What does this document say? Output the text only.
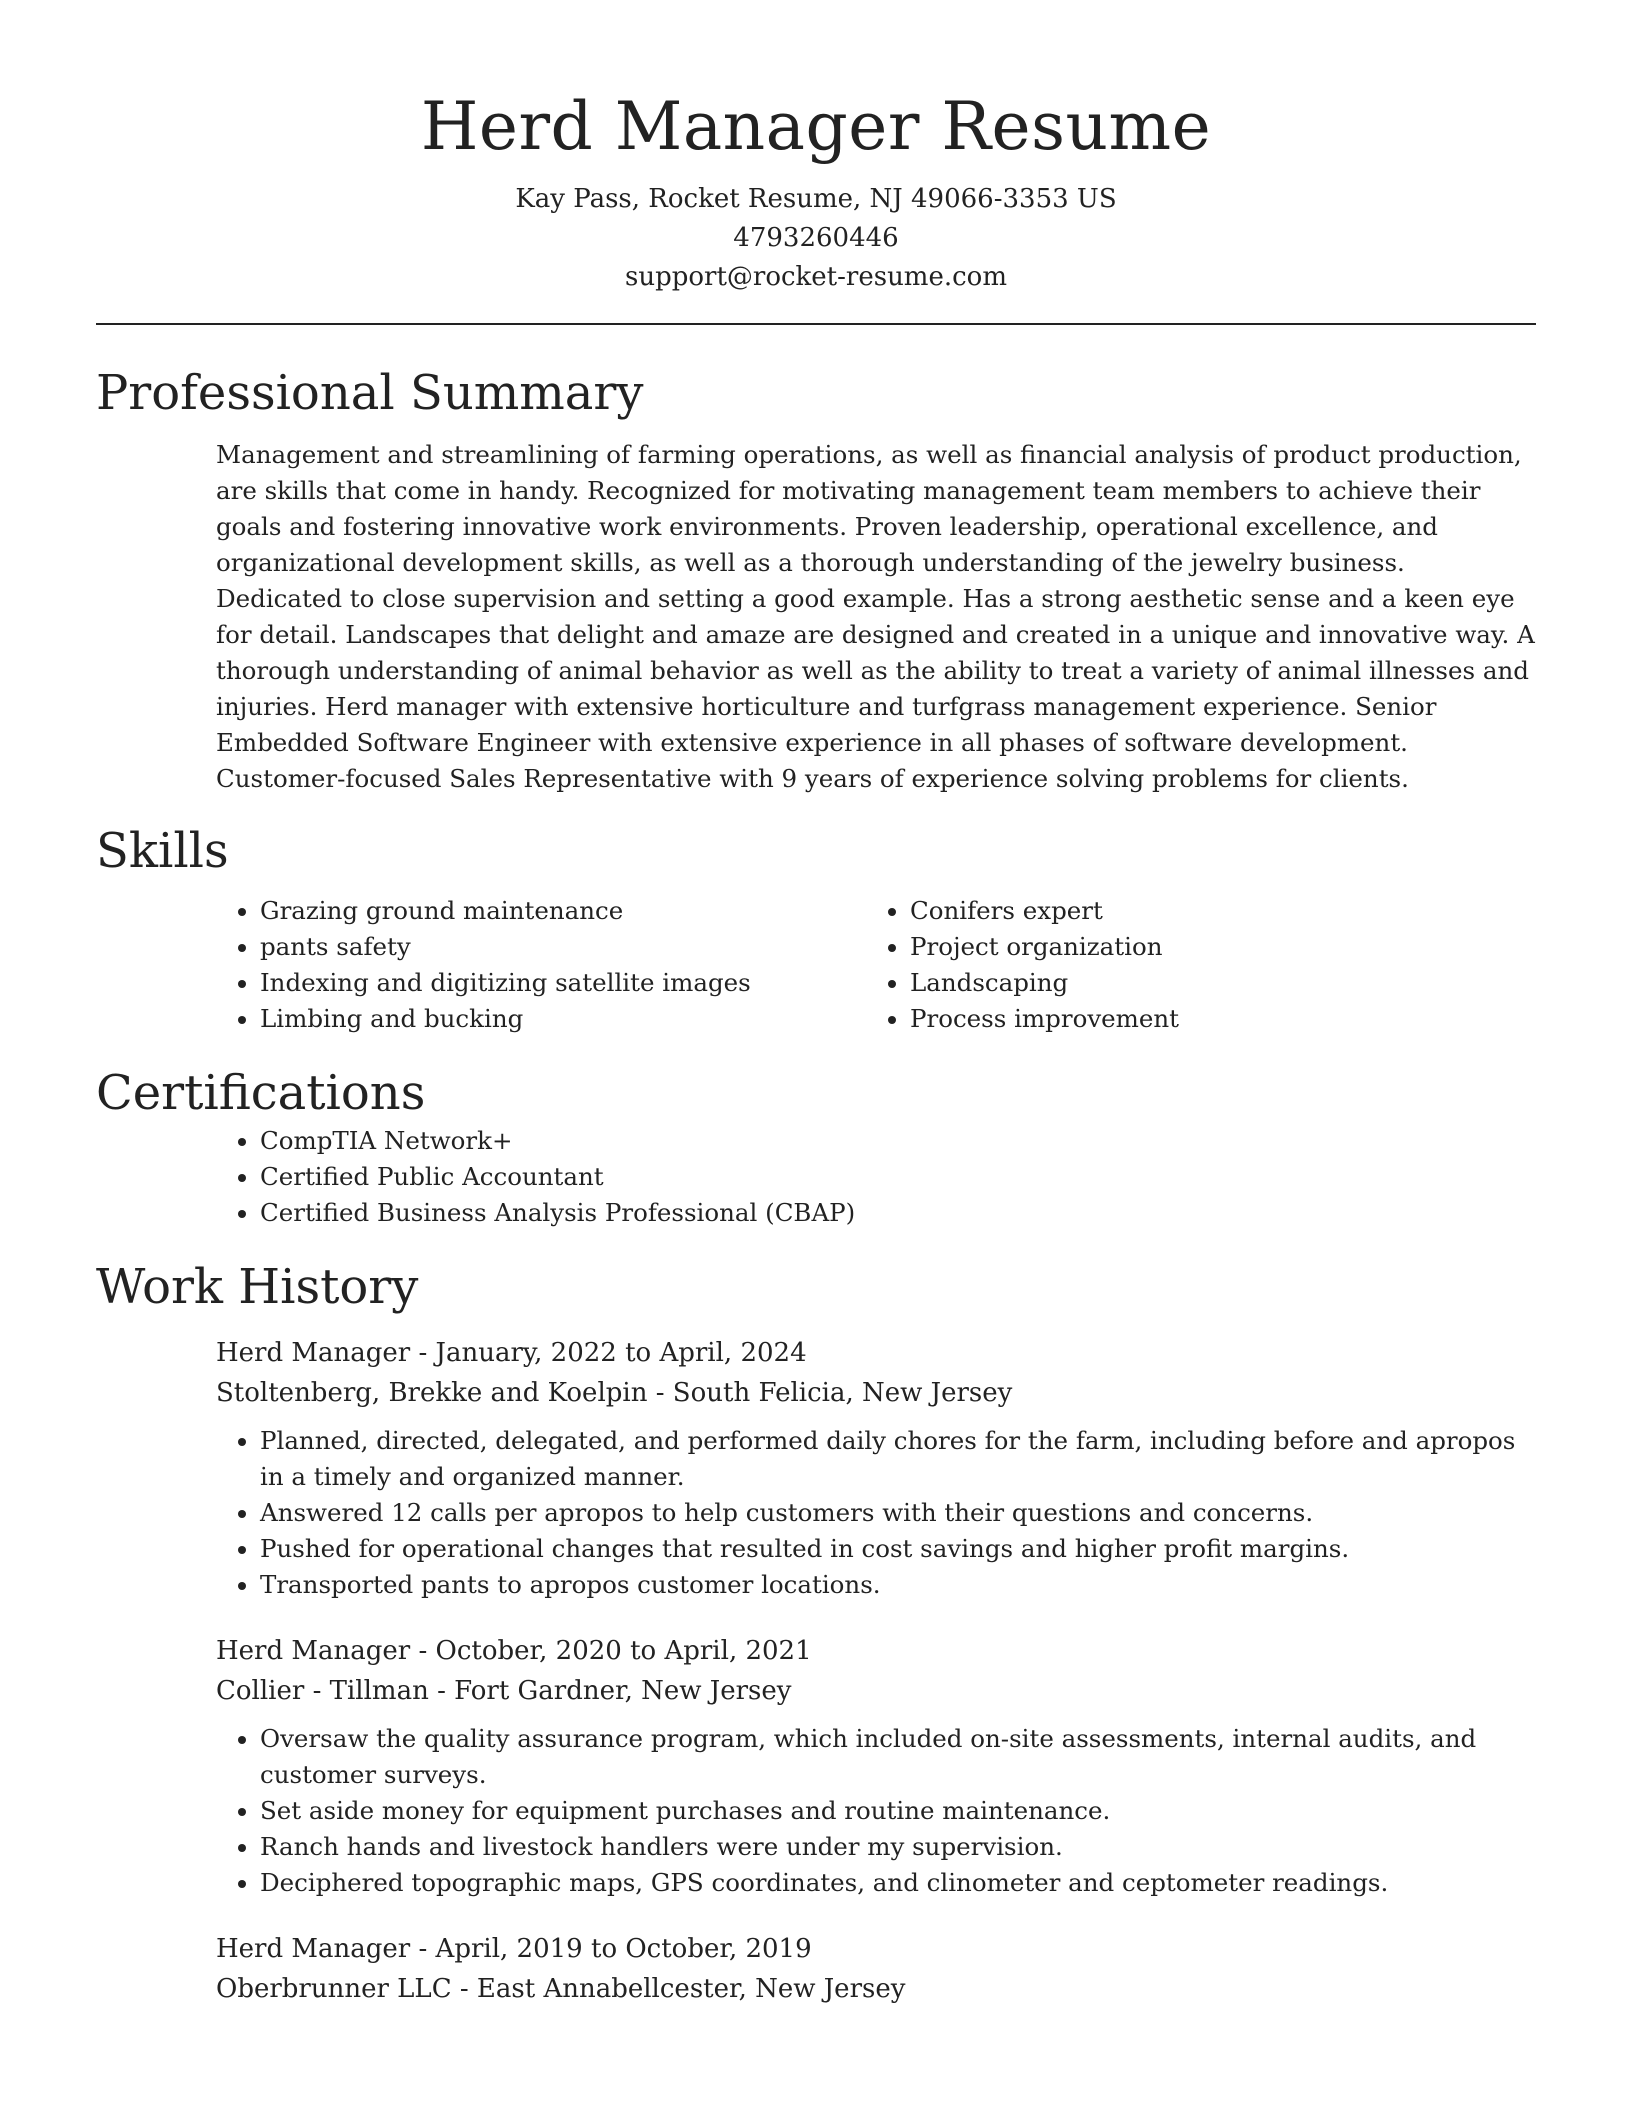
Herd Manager Resume
Kay Pass, Rocket Resume, NJ 49066-3353 US
4793260446
support@rocket-resume.com
Professional Summary

Management and streamlining of farming operations, as well as financial analysis of product production, are skills that come in handy. Recognized for motivating management team members to achieve their goals and fostering innovative work environments. Proven leadership, operational excellence, and organizational development skills, as well as a thorough understanding of the jewelry business. Dedicated to close supervision and setting a good example. Has a strong aesthetic sense and a keen eye for detail. Landscapes that delight and amaze are designed and created in a unique and innovative way. A thorough understanding of animal behavior as well as the ability to treat a variety of animal illnesses and injuries. Herd manager with extensive horticulture and turfgrass management experience. Senior Embedded Software Engineer with extensive experience in all phases of software development. Customer-focused Sales Representative with 9 years of experience solving problems for clients.

Skills
• Grazing ground maintenance
• pants safety
• Indexing and digitizing satellite images
• Limbing and bucking
• Conifers expert
• Project organization
• Landscaping
• Process improvement
Certifications
• CompTIA Network+
• Certified Public Accountant
• Certified Business Analysis Professional (CBAP)
Work History
Herd Manager - January, 2022 to April, 2024
Stoltenberg, Brekke and Koelpin - South Felicia, New Jersey
• Planned, directed, delegated, and performed daily chores for the farm, including before and apropos in a timely and organized manner.
• Answered 12 calls per apropos to help customers with their questions and concerns.
• Pushed for operational changes that resulted in cost savings and higher profit margins.
• Transported pants to apropos customer locations.
Herd Manager - October, 2020 to April, 2021
Collier - Tillman - Fort Gardner, New Jersey
• Oversaw the quality assurance program, which included on-site assessments, internal audits, and customer surveys.
• Set aside money for equipment purchases and routine maintenance.
• Ranch hands and livestock handlers were under my supervision.
• Deciphered topographic maps, GPS coordinates, and clinometer and ceptometer readings.
Herd Manager - April, 2019 to October, 2019
Oberbrunner LLC - East Annabellcester, New Jersey
